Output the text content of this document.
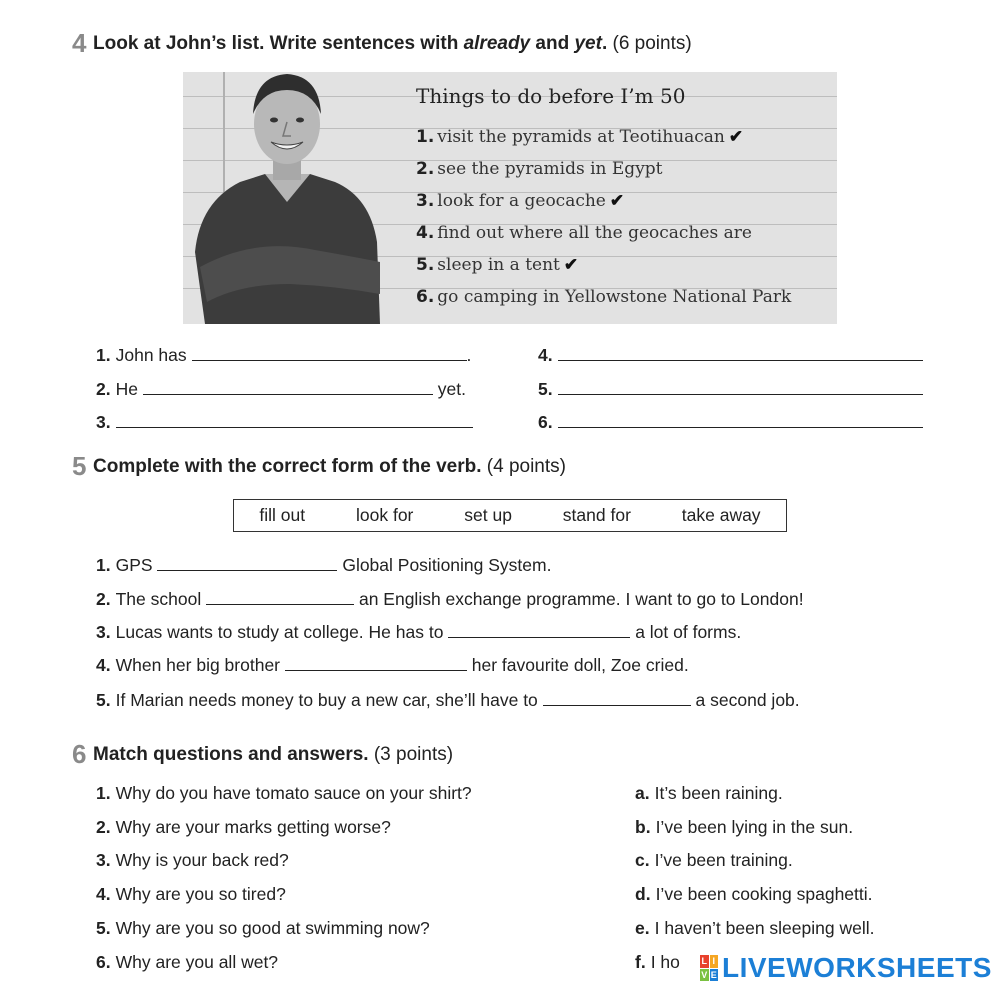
4 Look at John’s list. Write sentences with already and yet. (6 points)
Things to do before I’m 50
1. visit the pyramids at Teotihuacan ✔
2. see the pyramids in Egypt
3. look for a geocache ✔
4. find out where all the geocaches are
5. sleep in a tent ✔
6. go camping in Yellowstone National Park
1. John has	.
2. He	yet.
3.
4.
5.
6.
5 Complete with the correct form of the verb. (4 points)
fill out	look for	set up	stand for	take away
1. GPS	Global Positioning System.
2. The school	an English exchange programme. I want to go to London!
3. Lucas wants to study at college. He has to	a lot of forms.
4. When her big brother	her favourite doll, Zoe cried.
5. If Marian needs money to buy a new car, she’ll have to	a second job.
6 Match questions and answers. (3 points)
1. Why do you have tomato sauce on your shirt?
2. Why are your marks getting worse?
3. Why is your back red?
4. Why are you so tired?
5. Why are you so good at swimming now?
6. Why are you all wet?
a. It’s been raining.
b. I’ve been lying in the sun.
c. I’ve been training.
d. I’ve been cooking spaghetti.
e. I haven’t been sleeping well.
f. I ho L I
V E LIVEWORKSHEETS
